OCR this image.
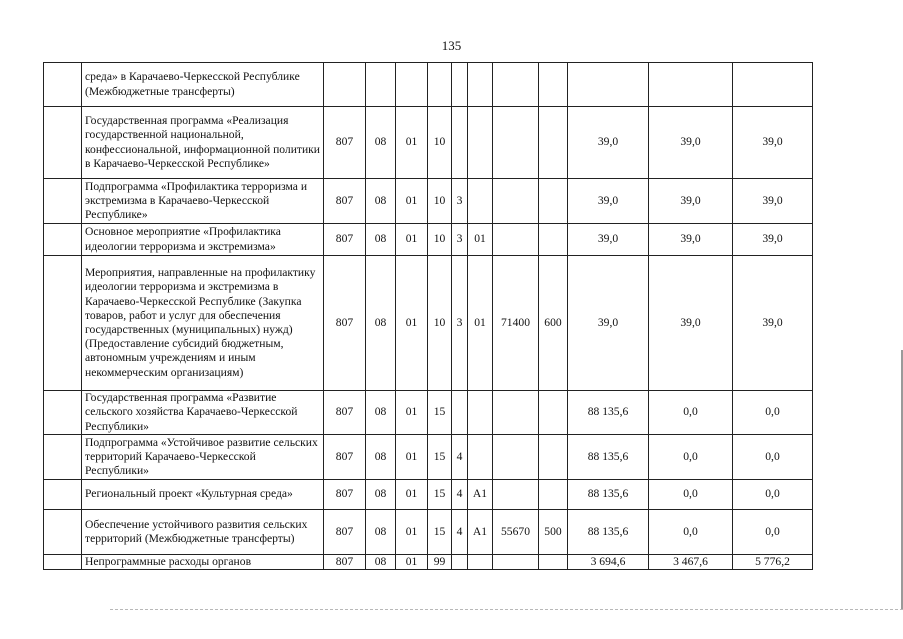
135
	среда» в Карачаево-Черкесской Республике (Межбюджетные трансферты)											
	Государственная программа «Реализация государственной национальной, конфессиональной, информационной политики в Карачаево-Черкесской Республике»	807	08	01	10					39,0	39,0	39,0
	Подпрограмма «Профилактика терроризма и экстремизма в Карачаево-Черкесской Республике»	807	08	01	10	3				39,0	39,0	39,0
	Основное мероприятие «Профилактика идеологии терроризма и экстремизма»	807	08	01	10	3	01			39,0	39,0	39,0
	Мероприятия, направленные на профилактику идеологии терроризма и экстремизма в Карачаево-Черкесской Республике (Закупка товаров, работ и услуг для обеспечения государственных (муниципальных) нужд) (Предоставление субсидий бюджетным, автономным учреждениям и иным некоммерческим организациям)	807	08	01	10	3	01	71400	600	39,0	39,0	39,0
	Государственная программа «Развитие сельского хозяйства Карачаево-Черкесской Республики»	807	08	01	15					88 135,6	0,0	0,0
	Подпрограмма «Устойчивое развитие сельских территорий Карачаево-Черкесской Республики»	807	08	01	15	4				88 135,6	0,0	0,0
	Региональный проект «Культурная среда»	807	08	01	15	4	A1			88 135,6	0,0	0,0
	Обеспечение устойчивого развития сельских территорий (Межбюджетные трансферты)	807	08	01	15	4	A1	55670	500	88 135,6	0,0	0,0
	Непрограммные расходы органов	807	08	01	99					3 694,6	3 467,6	5 776,2
